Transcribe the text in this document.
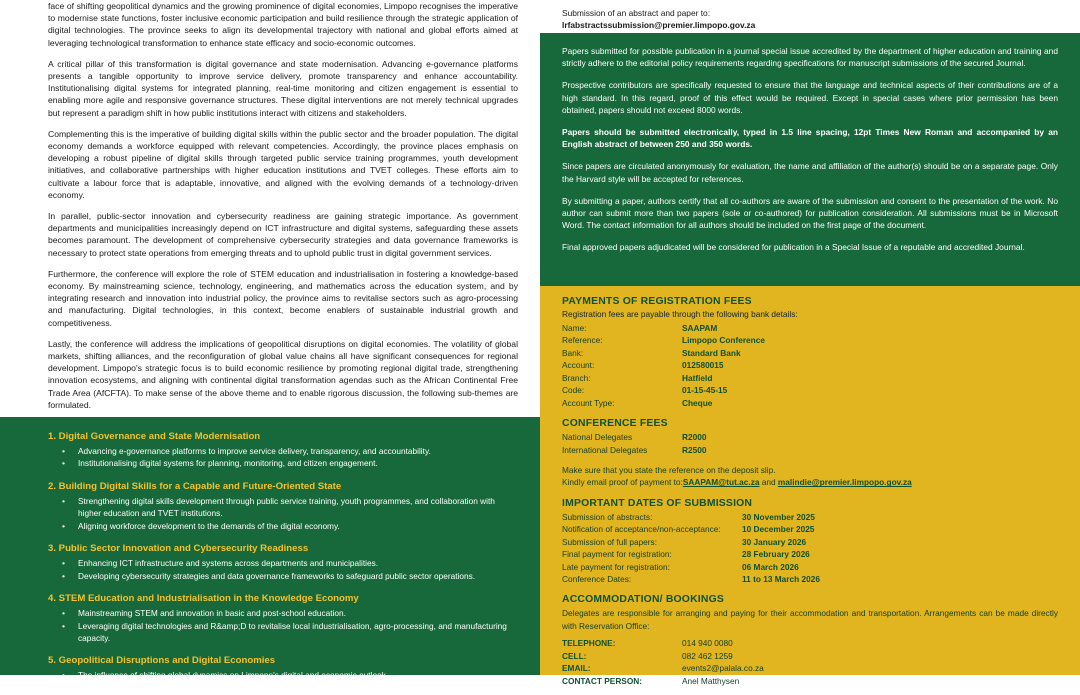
face of shifting geopolitical dynamics and the growing prominence of digital economies, Limpopo recognises the imperative to modernise state functions, foster inclusive economic participation and build resilience through the strategic application of digital technologies. The province seeks to align its developmental trajectory with national and global efforts aimed at leveraging technological transformation to enhance state efficacy and socio-economic outcomes.

A critical pillar of this transformation is digital governance and state modernisation. Advancing e-governance platforms presents a tangible opportunity to improve service delivery, promote transparency and enhance accountability. Institutionalising digital systems for integrated planning, real-time monitoring and citizen engagement is essential to enabling more agile and responsive governance structures. These digital interventions are not merely technical upgrades but represent a paradigm shift in how public institutions interact with citizens and stakeholders.

Complementing this is the imperative of building digital skills within the public sector and the broader population. The digital economy demands a workforce equipped with relevant competencies. Accordingly, the province places emphasis on developing a robust pipeline of digital skills through targeted public service training programmes, youth development initiatives, and collaborative partnerships with higher education institutions and TVET colleges. These efforts aim to cultivate a labour force that is adaptable, innovative, and aligned with the evolving demands of a technology-driven economy.

In parallel, public-sector innovation and cybersecurity readiness are gaining strategic importance. As government departments and municipalities increasingly depend on ICT infrastructure and digital systems, safeguarding these assets becomes paramount. The development of comprehensive cybersecurity strategies and data governance frameworks is necessary to protect state operations from emerging threats and to uphold public trust in digital government services.

Furthermore, the conference will explore the role of STEM education and industrialisation in fostering a knowledge-based economy. By mainstreaming science, technology, engineering, and mathematics across the education system, and by integrating research and innovation into industrial policy, the province aims to revitalise sectors such as agro-processing and manufacturing. Digital technologies, in this context, become enablers of sustainable industrial growth and competitiveness.

Lastly, the conference will address the implications of geopolitical disruptions on digital economies. The volatility of global markets, shifting alliances, and the reconfiguration of global value chains all have significant consequences for regional development. Limpopo's strategic focus is to build economic resilience by promoting regional digital trade, strengthening innovation ecosystems, and aligning with continental digital transformation agendas such as the African Continental Free Trade Area (AfCFTA). To make sense of the above theme and to enable rigorous discussion, the following sub-themes are formulated.

1. Digital Governance and State Modernisation
• Advancing e-governance platforms to improve service delivery, transparency, and accountability.
• Institutionalising digital systems for planning, monitoring, and citizen engagement.
2. Building Digital Skills for a Capable and Future-Oriented State
• Strengthening digital skills development through public service training, youth programmes, and collaboration with higher education and TVET institutions.
• Aligning workforce development to the demands of the digital economy.
3. Public Sector Innovation and Cybersecurity Readiness
• Enhancing ICT infrastructure and systems across departments and municipalities.
• Developing cybersecurity strategies and data governance frameworks to safeguard public sector operations.
4. STEM Education and Industrialisation in the Knowledge Economy
• Mainstreaming STEM and innovation in basic and post-school education.
• Leveraging digital technologies and R&amp;D to revitalise local industrialisation, agro-processing, and manufacturing capacity.
5. Geopolitical Disruptions and Digital Economies
• The influence of shifting global dynamics on Limpopo's digital and economic outlook.
• Building economic resilience through regional digital trade and innovation.
Submission of an abstract and paper to:
lrfabstractssubmission@premier.limpopo.gov.za

Papers submitted for possible publication in a journal special issue accredited by the department of higher education and training and strictly adhere to the editorial policy requirements regarding specifications for manuscript submissions of the secured Journal.

Prospective contributors are specifically requested to ensure that the language and technical aspects of their contributions are of a high standard. In this regard, proof of this effect would be required. Except in special cases where prior permission has been obtained, papers should not exceed 8000 words.

Papers should be submitted electronically, typed in 1.5 line spacing, 12pt Times New Roman and accompanied by an English abstract of between 250 and 350 words.

Since papers are circulated anonymously for evaluation, the name and affiliation of the author(s) should be on a separate page. Only the Harvard style will be accepted for references.

By submitting a paper, authors certify that all co-authors are aware of the submission and consent to the presentation of the work. No author can submit more than two papers (sole or co-authored) for publication consideration. All submissions must be in Microsoft Word. The contact information for all authors should be included on the first page of the document.

Final approved papers adjudicated will be considered for publication in a Special Issue of a reputable and accredited Journal.

PAYMENTS OF REGISTRATION FEES
Registration fees are payable through the following bank details:
Name:	SAAPAM
Reference:	Limpopo Conference
Bank:	Standard Bank
Account:	012580015
Branch:	Hatfield
Code:	01-15-45-15
Account Type:	Cheque
CONFERENCE FEES
National Delegates	R2000
International Delegates	R2500
Make sure that you state the reference on the deposit slip.
Kindly email proof of payment to:SAAPAM@tut.ac.za and malindie@premier.limpopo.gov.za
IMPORTANT DATES OF SUBMISSION
Submission of abstracts:	30 November 2025
Notification of acceptance/non-acceptance:	10 December 2025
Submission of full papers:	30 January 2026
Final payment for registration:	28 February 2026
Late payment for registration:	06 March 2026
Conference Dates:	11 to 13 March 2026
ACCOMMODATION/ BOOKINGS
Delegates are responsible for arranging and paying for their accommodation and transportation. Arrangements can be made directly with Reservation Office:
TELEPHONE:	014 940 0080
CELL:	082 462 1259
EMAIL:	events2@palala.co.za
CONTACT PERSON:	Anel Matthysen
